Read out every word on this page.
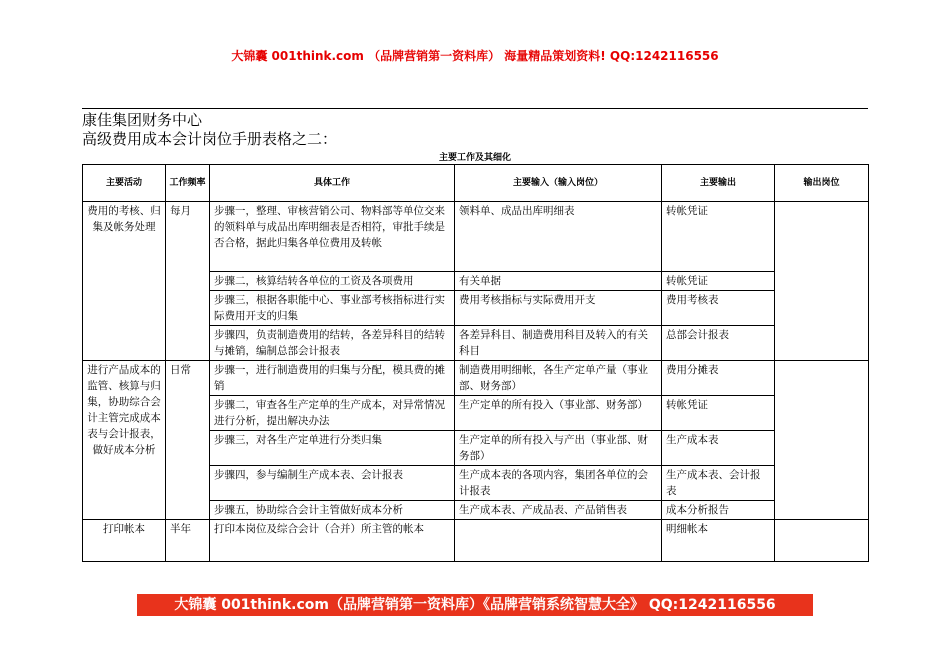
大锦囊 001think.com （品牌营销第一资料库） 海量精品策划资料! QQ:1242116556
康佳集团财务中心
高级费用成本会计岗位手册表格之二：
主要工作及其细化
主要活动	工作频率	具体工作	主要输入（输入岗位）	主要输出	输出岗位
费用的考核、归集及帐务处理	每月	步骤一，整理、审核营销公司、物料部等单位交来的领料单与成品出库明细表是否相符，审批手续是否合格，据此归集各单位费用及转帐	领料单、成品出库明细表	转帐凭证	
		步骤二，核算结转各单位的工资及各项费用	有关单据	转帐凭证	
		步骤三，根据各职能中心、事业部考核指标进行实际费用开支的归集	费用考核指标与实际费用开支	费用考核表	
		步骤四，负责制造费用的结转，各差异科目的结转与摊销，编制总部会计报表	各差异科目、制造费用科目及转入的有关科目	总部会计报表	
进行产品成本的监管、核算与归集，协助综合会计主管完成成本表与会计报表，做好成本分析	日常	步骤一，进行制造费用的归集与分配，模具费的摊销	制造费用明细帐，各生产定单产量（事业部、财务部）	费用分摊表	
		步骤二，审查各生产定单的生产成本，对异常情况进行分析，提出解决办法	生产定单的所有投入（事业部、财务部）	转帐凭证	
		步骤三，对各生产定单进行分类归集	生产定单的所有投入与产出（事业部、财务部）	生产成本表	
		步骤四，参与编制生产成本表、会计报表	生产成本表的各项内容，集团各单位的会计报表	生产成本表、会计报表	
		步骤五，协助综合会计主管做好成本分析	生产成本表、产成品表、产品销售表	成本分析报告	
打印帐本	半年	打印本岗位及综合会计（合并）所主管的帐本		明细帐本	
大锦囊 001think.com（品牌营销第一资料库）《品牌营销系统智慧大全》 QQ:1242116556
